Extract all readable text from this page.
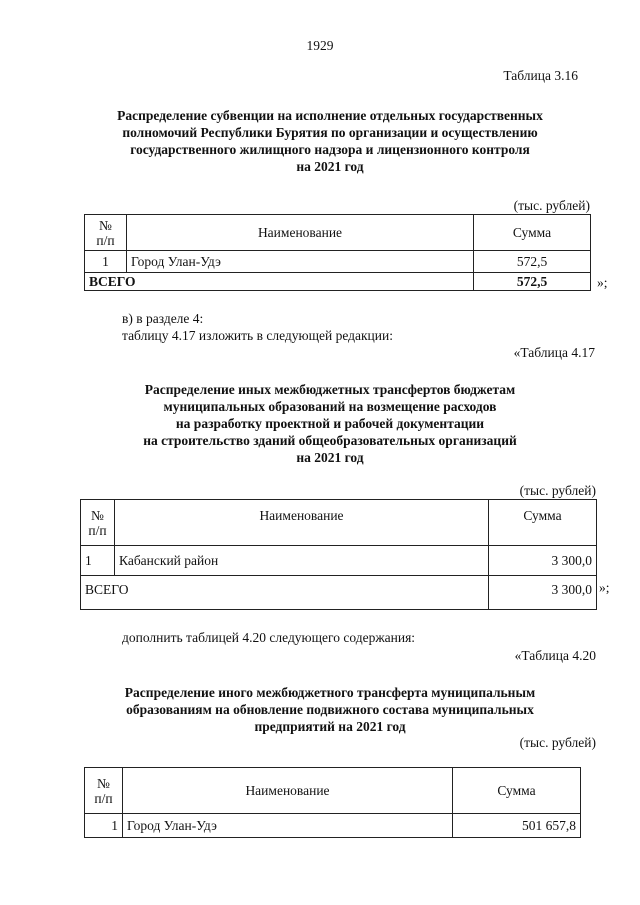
1929
Таблица 3.16
Распределение субвенции на исполнение отдельных государственных
полномочий Республики Бурятия по организации и осуществлению
государственного жилищного надзора и лицензионного контроля
на 2021 год
(тыс. рублей)
№
п/п	Наименование	Сумма
1	Город Улан-Удэ	572,5
ВСЕГО		572,5	»;
в) в разделе 4:
таблицу 4.17 изложить в следующей редакции:
«Таблица 4.17
Распределение иных межбюджетных трансфертов бюджетам
муниципальных образований на возмещение расходов
на разработку проектной и рабочей документации
на строительство зданий общеобразовательных организаций
на 2021 год
(тыс. рублей)
№
п/п	Наименование	Сумма
1	Кабанский район	3 300,0
ВСЕГО		3 300,0 »;
дополнить таблицей 4.20 следующего содержания:
«Таблица 4.20
Распределение иного межбюджетного трансферта муниципальным
образованиям на обновление подвижного состава муниципальных
предприятий на 2021 год
(тыс. рублей)
№
п/п	Наименование	Сумма
1	Город Улан-Удэ	501 657,8
